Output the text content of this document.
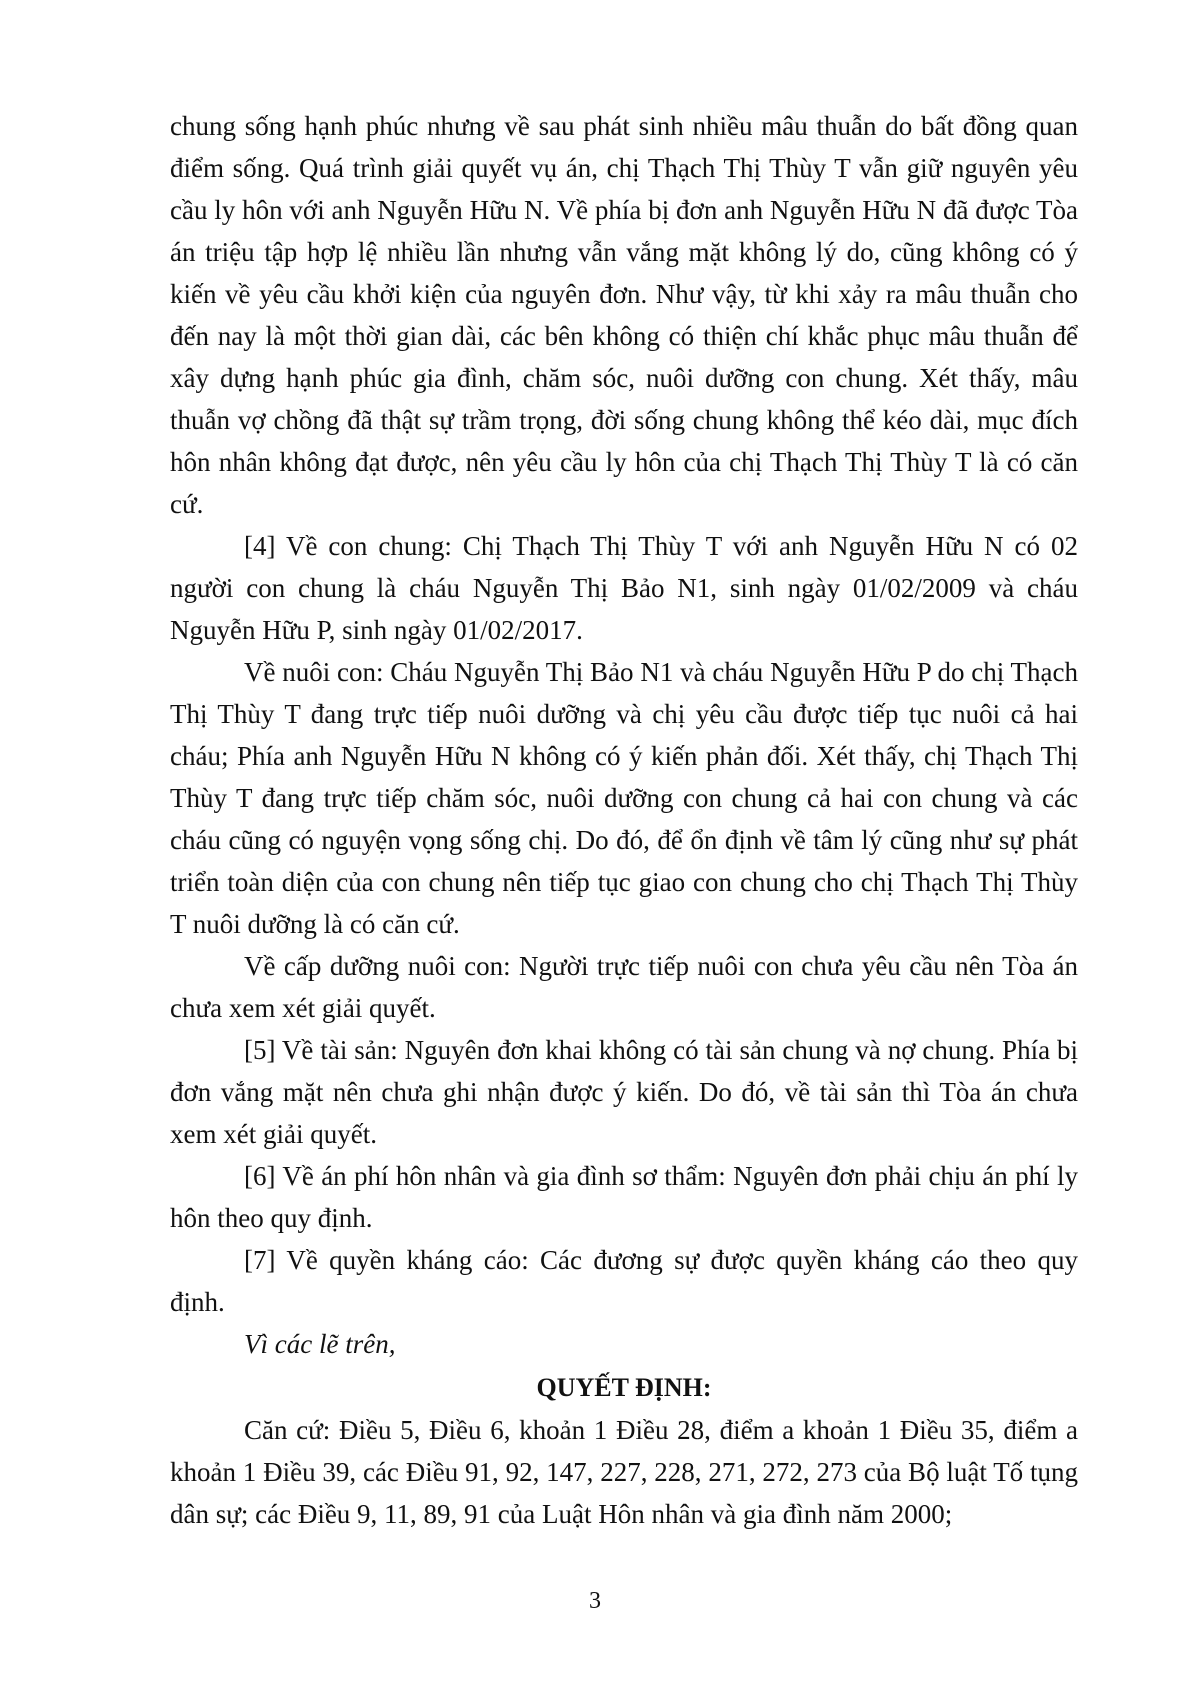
chung sống hạnh phúc nhưng về sau phát sinh nhiều mâu thuẫn do bất đồng quan điểm sống. Quá trình giải quyết vụ án, chị Thạch Thị Thùy T vẫn giữ nguyên yêu cầu ly hôn với anh Nguyễn Hữu N. Về phía bị đơn anh Nguyễn Hữu N đã được Tòa án triệu tập hợp lệ nhiều lần nhưng vẫn vắng mặt không lý do, cũng không có ý kiến về yêu cầu khởi kiện của nguyên đơn. Như vậy, từ khi xảy ra mâu thuẫn cho đến nay là một thời gian dài, các bên không có thiện chí khắc phục mâu thuẫn để xây dựng hạnh phúc gia đình, chăm sóc, nuôi dưỡng con chung. Xét thấy, mâu thuẫn vợ chồng đã thật sự trầm trọng, đời sống chung không thể kéo dài, mục đích hôn nhân không đạt được, nên yêu cầu ly hôn của chị Thạch Thị Thùy T là có căn cứ.

[4] Về con chung: Chị Thạch Thị Thùy T với anh Nguyễn Hữu N có 02 người con chung là cháu Nguyễn Thị Bảo N1, sinh ngày 01/02/2009 và cháu Nguyễn Hữu P, sinh ngày 01/02/2017.

Về nuôi con: Cháu Nguyễn Thị Bảo N1 và cháu Nguyễn Hữu P do chị Thạch Thị Thùy T đang trực tiếp nuôi dưỡng và chị yêu cầu được tiếp tục nuôi cả hai cháu; Phía anh Nguyễn Hữu N không có ý kiến phản đối. Xét thấy, chị Thạch Thị Thùy T đang trực tiếp chăm sóc, nuôi dưỡng con chung cả hai con chung và các cháu cũng có nguyện vọng sống chị. Do đó, để ổn định về tâm lý cũng như sự phát triển toàn diện của con chung nên tiếp tục giao con chung cho chị Thạch Thị Thùy T nuôi dưỡng là có căn cứ.

Về cấp dưỡng nuôi con: Người trực tiếp nuôi con chưa yêu cầu nên Tòa án chưa xem xét giải quyết.

[5] Về tài sản: Nguyên đơn khai không có tài sản chung và nợ chung. Phía bị đơn vắng mặt nên chưa ghi nhận được ý kiến. Do đó, về tài sản thì Tòa án chưa xem xét giải quyết.

[6] Về án phí hôn nhân và gia đình sơ thẩm: Nguyên đơn phải chịu án phí ly hôn theo quy định.

[7] Về quyền kháng cáo: Các đương sự được quyền kháng cáo theo quy định.

Vì các lẽ trên,

QUYẾT ĐỊNH:

Căn cứ: Điều 5, Điều 6, khoản 1 Điều 28, điểm a khoản 1 Điều 35, điểm a khoản 1 Điều 39, các Điều 91, 92, 147, 227, 228, 271, 272, 273 của Bộ luật Tố tụng dân sự; các Điều 9, 11, 89, 91 của Luật Hôn nhân và gia đình năm 2000;

3
